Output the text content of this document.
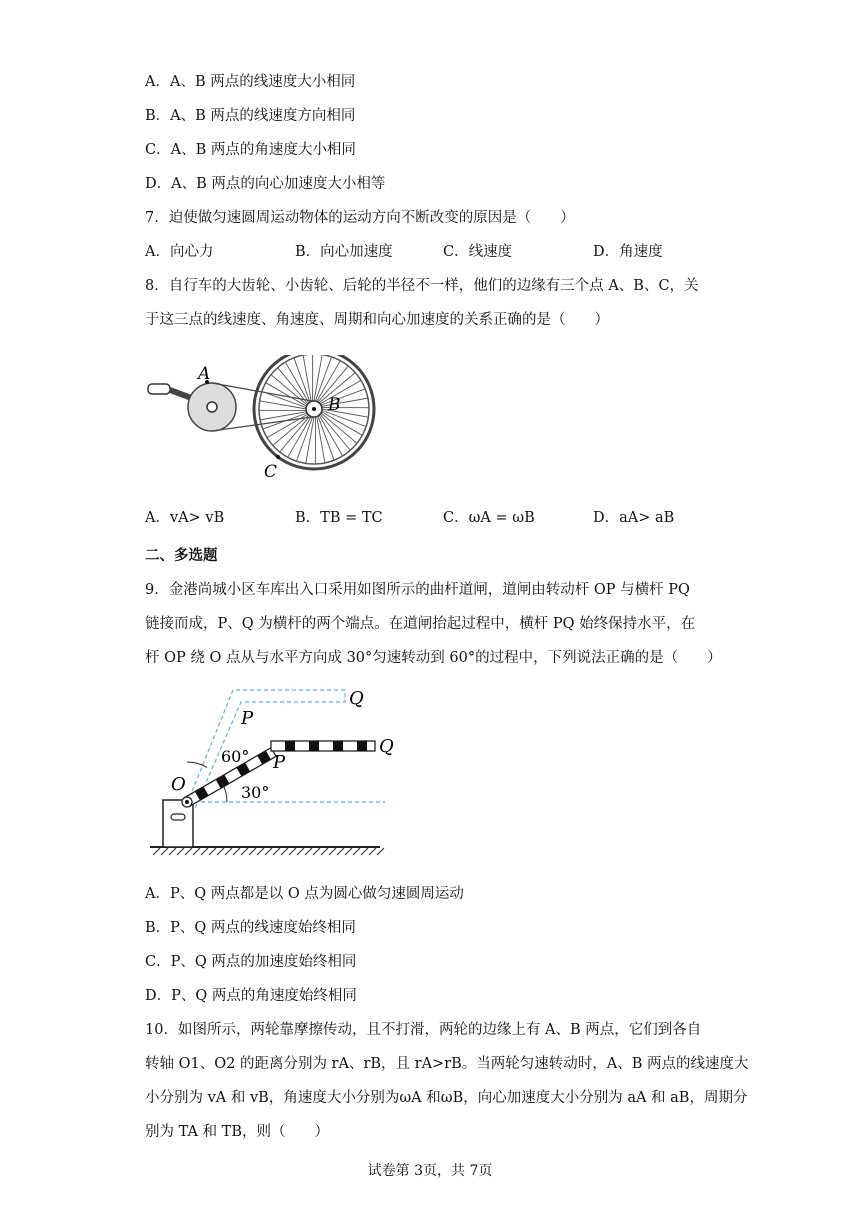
A．A、B 两点的线速度大小相同
B．A、B 两点的线速度方向相同
C．A、B 两点的角速度大小相同
D．A、B 两点的向心加速度大小相等
7．迫使做匀速圆周运动物体的运动方向不断改变的原因是（　　）
A．向心力	B．向心加速度	C．线速度	D．角速度
8．自行车的大齿轮、小齿轮、后轮的半径不一样，他们的边缘有三个点 A、B、C，关
于这三点的线速度、角速度、周期和向心加速度的关系正确的是（　　）
A
B
C
A．vA> vB	B．TB = TC	C．ωA = ωB	D．aA> aB
二、多选题
9．金港尚城小区车库出入口采用如图所示的曲杆道闸，道闸由转动杆 OP 与横杆 PQ
链接而成，P、Q 为横杆的两个端点。在道闸抬起过程中，横杆 PQ 始终保持水平，在
杆 OP 绕 O 点从与水平方向成 30°匀速转动到 60°的过程中，下列说法正确的是（　　）
O
P
Q
P
Q
60°
30°
A．P、Q 两点都是以 O 点为圆心做匀速圆周运动
B．P、Q 两点的线速度始终相同
C．P、Q 两点的加速度始终相同
D．P、Q 两点的角速度始终相同
10．如图所示，两轮靠摩擦传动，且不打滑，两轮的边缘上有 A、B 两点，它们到各自
转轴 O1、O2 的距离分别为 rA、rB，且 rA>rB。当两轮匀速转动时，A、B 两点的线速度大
小分别为 vA 和 vB，角速度大小分别为ωA 和ωB，向心加速度大小分别为 aA 和 aB，周期分
别为 TA 和 TB，则（　　）
试卷第 3页，共 7页
